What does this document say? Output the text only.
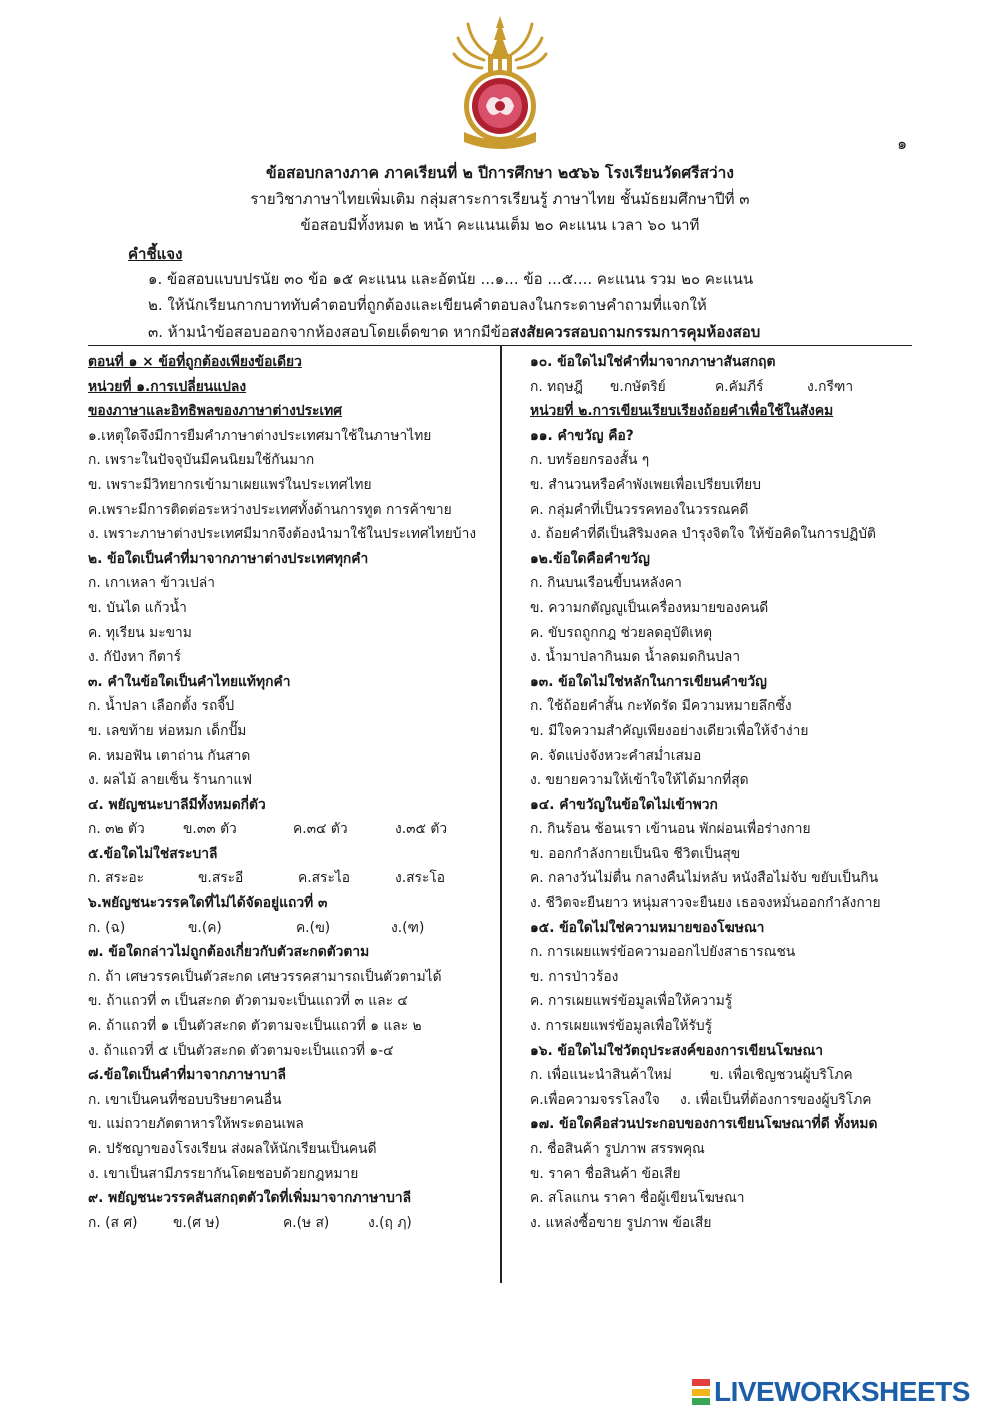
๑
ข้อสอบกลางภาค ภาคเรียนที่ ๒ ปีการศึกษา ๒๕๖๖ โรงเรียนวัดศรีสว่าง
รายวิชาภาษาไทยเพิ่มเติม กลุ่มสาระการเรียนรู้ ภาษาไทย ชั้นมัธยมศึกษาปีที่ ๓
ข้อสอบมีทั้งหมด ๒ หน้า คะแนนเต็ม ๒๐ คะแนน เวลา ๖๐ นาที
คำชี้แจง
๑. ข้อสอบแบบปรนัย ๓๐ ข้อ ๑๕ คะแนน และอัตนัย ...๑... ข้อ ...๕.... คะแนน รวม ๒๐ คะแนน
๒. ให้นักเรียนกากบาททับคำตอบที่ถูกต้องและเขียนคำตอบลงในกระดาษคำถามที่แจกให้
๓. ห้ามนำข้อสอบออกจากห้องสอบโดยเด็ดขาด หากมีข้อสงสัยควรสอบถามกรรมการคุมห้องสอบ
ตอนที่ ๑ × ข้อที่ถูกต้องเพียงข้อเดียว
หน่วยที่ ๑.การเปลี่ยนแปลง
ของภาษาและอิทธิพลของภาษาต่างประเทศ
๑.เหตุใดจึงมีการยืมคำภาษาต่างประเทศมาใช้ในภาษาไทย
ก. เพราะในปัจจุบันมีคนนิยมใช้กันมาก
ข. เพราะมีวิทยากรเข้ามาเผยแพร่ในประเทศไทย
ค.เพราะมีการติดต่อระหว่างประเทศทั้งด้านการทูต การค้าขาย
ง. เพราะภาษาต่างประเทศมีมากจึงต้องนำมาใช้ในประเทศไทยบ้าง
๒. ข้อใดเป็นคำที่มาจากภาษาต่างประเทศทุกคำ
ก. เกาเหลา ข้าวเปล่า
ข. บันได แก้วน้ำ
ค. ทุเรียน มะขาม
ง. กัปังหา กีตาร์
๓. คำในข้อใดเป็นคำไทยแท้ทุกคำ
ก. น้ำปลา เลือกตั้ง รถจี๊ป
ข. เลขท้าย ห่อหมก เด็กปั๊ม
ค. หมอฟัน เตาถ่าน กันสาด
ง. ผลไม้ ลายเซ็น ร้านกาแฟ
๔. พยัญชนะบาลีมีทั้งหมดกี่ตัว
ก. ๓๒ ตัว	ข.๓๓ ตัว	ค.๓๔ ตัว	ง.๓๕ ตัว
๕.ข้อใดไม่ใช่สระบาลี
ก. สระอะ	ข.สระอี	ค.สระไอ	ง.สระโอ
๖.พยัญชนะวรรคใดที่ไม่ได้จัดอยู่แถวที่ ๓
ก. (ฉ)	ข.(ค)	ค.(ฃ)	ง.(ฑ)
๗. ข้อใดกล่าวไม่ถูกต้องเกี่ยวกับตัวสะกดตัวตาม
ก. ถ้า เศษวรรคเป็นตัวสะกด เศษวรรคสามารถเป็นตัวตามได้
ข. ถ้าแถวที่ ๓ เป็นสะกด ตัวตามจะเป็นแถวที่ ๓ และ ๔
ค. ถ้าแถวที่ ๑ เป็นตัวสะกด ตัวตามจะเป็นแถวที่ ๑ และ ๒
ง. ถ้าแถวที่ ๕ เป็นตัวสะกด ตัวตามจะเป็นแถวที่ ๑-๔
๘.ข้อใดเป็นคำที่มาจากภาษาบาลี
ก. เขาเป็นคนที่ชอบบริษยาคนอื่น
ข. แม่ถวายภัตตาหารให้พระตอนเพล
ค. ปรัชญาของโรงเรียน ส่งผลให้นักเรียนเป็นคนดี
ง. เขาเป็นสามีภรรยากันโดยชอบด้วยกฎหมาย
๙. พยัญชนะวรรคสันสกฤตตัวใดที่เพิ่มมาจากภาษาบาลี
ก. (ส ศ)	ข.(ศ ษ)	ค.(ษ ส)	ง.(ฤ ฦ)
๑๐. ข้อใดไม่ใช่คำที่มาจากภาษาสันสกฤต
ก. ทฤษฎี	ข.กษัตริย์	ค.คัมภีร์	ง.กรีฑา
หน่วยที่ ๒.การเขียนเรียบเรียงถ้อยคำเพื่อใช้ในสังคม
๑๑. คำขวัญ คือ?
ก. บทร้อยกรองสั้น ๆ
ข. สำนวนหรือคำพังเพยเพื่อเปรียบเทียบ
ค. กลุ่มคำที่เป็นวรรคทองในวรรณคดี
ง. ถ้อยคำที่ดีเป็นสิริมงคล บำรุงจิตใจ ให้ข้อคิดในการปฏิบัติ
๑๒.ข้อใดคือคำขวัญ
ก. กินบนเรือนขี้บนหลังคา
ข. ความกตัญญูเป็นเครื่องหมายของคนดี
ค. ขับรถถูกกฎ ช่วยลดอุบัติเหตุ
ง. น้ำมาปลากินมด น้ำลดมดกินปลา
๑๓. ข้อใดไม่ใช่หลักในการเขียนคำขวัญ
ก. ใช้ถ้อยคำสั้น กะทัดรัด มีความหมายลึกซึ้ง
ข. มีใจความสำคัญเพียงอย่างเดียวเพื่อให้จำง่าย
ค. จัดแบ่งจังหวะคำสม่ำเสมอ
ง. ขยายความให้เข้าใจให้ได้มากที่สุด
๑๔. คำขวัญในข้อใดไม่เข้าพวก
ก. กินร้อน ช้อนเรา เข้านอน พักผ่อนเพื่อร่างกาย
ข. ออกกำลังกายเป็นนิจ ชีวิตเป็นสุข
ค. กลางวันไม่ตื่น กลางคืนไม่หลับ หนังสือไม่จับ ขยับเป็นกิน
ง. ชีวิตจะยืนยาว หนุ่มสาวจะยืนยง เธอจงหมั่นออกกำลังกาย
๑๕. ข้อใดไม่ใช่ความหมายของโฆษณา
ก. การเผยแพร่ข้อความออกไปยังสาธารณชน
ข. การป่าวร้อง
ค. การเผยแพร่ข้อมูลเพื่อให้ความรู้
ง. การเผยแพร่ข้อมูลเพื่อให้รับรู้
๑๖. ข้อใดไม่ใช่วัตถุประสงค์ของการเขียนโฆษณา
ก. เพื่อแนะนำสินค้าใหม่	ข. เพื่อเชิญชวนผู้บริโภค
ค.เพื่อความจรรโลงใจ	ง. เพื่อเป็นที่ต้องการของผู้บริโภค
๑๗. ข้อใดคือส่วนประกอบของการเขียนโฆษณาที่ดี ทั้งหมด
ก. ชื่อสินค้า รูปภาพ สรรพคุณ
ข. ราคา ชื่อสินค้า ข้อเสีย
ค. สโลแกน ราคา ชื่อผู้เขียนโฆษณา
ง. แหล่งซื้อขาย รูปภาพ ข้อเสีย
LIVEWORKSHEETS
